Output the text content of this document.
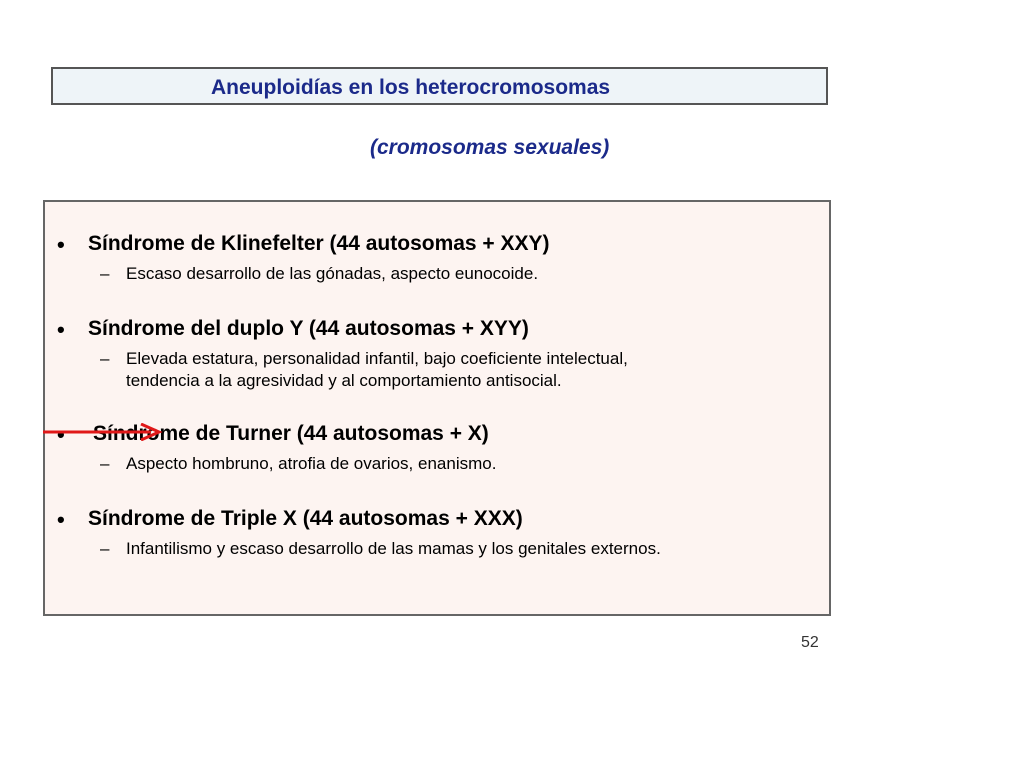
Aneuploidías en los heterocromosomas
(cromosomas sexuales)
• Síndrome de Klinefelter (44 autosomas + XXY)
– Escaso desarrollo de las gónadas, aspecto eunocoide.
• Síndrome del duplo Y (44 autosomas + XYY)
– Elevada estatura, personalidad infantil, bajo coeficiente intelectual,
tendencia a la agresividad y al comportamiento antisocial.
• Síndrome de Turner (44 autosomas + X)
– Aspecto hombruno, atrofia de ovarios, enanismo.
• Síndrome de Triple X (44 autosomas + XXX)
– Infantilismo y escaso desarrollo de las mamas y los genitales externos.
52
